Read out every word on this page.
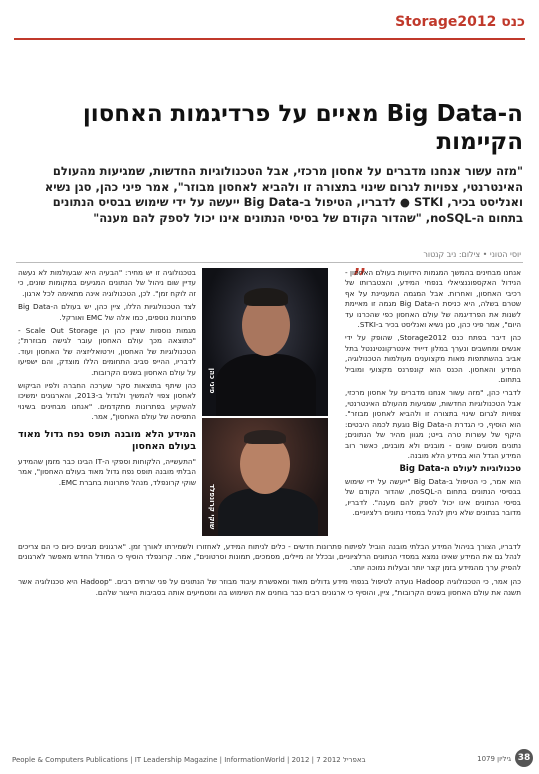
כנס Storage2012
ה-Big Data מאיים על פרדיגמות האחסון הקיימות
"מזה עשור אנחנו מדברים על אחסון מרכזי, אבל הטכנולוגיות החדשות, שמגיעות מהעולם האינטרנטי, צפויות לגרום שינוי בתצורה זו ולהביא לאחסון מבוזר", אמר פיני כהן, סגן נשיא ואנליסט בכיר, STKI ● לדבריו, הטיפול ב-Big Data ייעשה על ידי שימוש בבסיס הנתונים בתחום ה-noSQL, "שהדור הקודם של בסיסי הנתונים אינו יכול לספק להם מענה"
יוסי הטוני • צילום: ניב קנטור
”

אנחנו מבחינים בהמשך המגמות הידועות בעולם האחסון - הנידול האקספוננציאלי בנפחי המידע, והצטברותו של רכיבי האחסון, ואחרות. אבל המגמה המעניינת על אף שטרם בשלה, היא כניסת ה-Big Data מגמה זו מאיימת לשנות את הפרדיגמה של עולם האחסון כפי שהכרנו עד היום", אמר פיני כהן, סגן נשיא ואנליסט בכיר ב-STKI.

כהן דיבר בפתח כנס Storage2012, שהופק על ידי אנשים ומחשבים ונערך במלון דייויד אינטרקונטיננטל בתל אביב בהשתתפות מאות מקצוענים מעולמות הטכנולוגיה, המידע והאחסון. הכנס הוא קונפרנס מקצועי ומוביל בתחום.

לדברי כהן, "מזה עשור אנחנו מדברים על אחסון מרכזי, אבל הטכנולוגיות החדשות, שמגיעות מהעולם האינטרנטי, צפויות לגרום שינוי בתצורה זו ולהביא לאחסון מבוזר". הוא הוסיף, כי הגדרת ה-Big Data נוגעת לכמה היבטים: היקף של עשרות טרה בייט; מגוון מהיר של הנתונים; נתונים מסוגים שונים - מובנים ולא מובנים, כאשר רוב המידע הגדל הוא במידע הלא מובנה.

טכנולוגיות לעולם ה-Big Data

הוא אמר, כי הטיפול ב-Big Data "ייעשה על ידי שימוש בבסיסי הנתונים בתחום ה-noSQL, שהדור הקודם של בסיסי הנתונים אינו יכול לספק להם מענה". לדבריו, מדובר בנתונים שלא ניתן לנהל במסדי נתונים רלציוניים.

פיני כהן
שוקי קרונפלד

בטכנולוגיה זו יש מחיר: "הבעיה היא שבעולמות לא נעשה עדיין שום ניהול של הנתונים המגיעים במקומות שונים, כי זה לוקח זמן". לכן, הטכנולוגיה אינה מתאימה לכל ארגון.

לצד הטכנולוגיות הללו, ציין כהן, יש בעולם ה-Big Data פתרונות נוספים, כמו אלה של EMC ואורקל.

מגמות נוספות שציין כהן הן Scale Out Storage - "כתוצאה מכך עולם האחסון עובר לגישה מבוזרת"; הטכנולוגיות של האחסון, וירטואליזציה של האחסון ועוד. לדבריו, ההייפ סביב התחומים הללו מוצדק, והם ישפיעו על עולם האחסון בשנים הקרובות.

כהן שיתף בתוצאות סקר שערכה החברה ולפיו הביקוש לאחסון צפוי להמשיך ולגדול ב-2013, והארגונים ימשיכו להשקיע בפתרונות מתקדמים. "אנחנו מבחינים בשינוי התפיסה של עולם האחסון", אמר.

המידע הלא מובנה תופס נפח גדול מאוד בעולם האחסון

"התעשייה, הלקוחות וספקי ה-IT הבינו כבר מזמן שהמידע הבלתי מובנה תופס נפח גדול מאוד בעולם האחסון", אמר שוקי קרונפלד, מנהל פתרונות בחברת EMC.

לדבריו, הצורך בניהול המידע הבלתי מובנה הוביל לפיתוח פתרונות חדשים - כלים לניתוח המידע, לאחזורו ולשמירתו לאורך זמן. "ארגונים מבינים כיום כי הם צריכים לנהל גם את המידע שאינו נמצא במסדי הנתונים הרלציוניים, ובכלל זה מיילים, מסמכים, תמונות וסרטונים", אמר. קרונפלד הוסיף כי המודל החדש מאפשר לארגונים להפיק ערך מהמידע בזמן קצר יותר ובעלות נמוכה יותר.

כהן אמר, כי הטכנולוגיה Hadoop נועדה לטיפול בנפחי מידע גדולים מאוד ומאפשרת עיבוד מבוזר של הנתונים על פני שרתים רבים. "Hadoop היא טכנולוגיה אשר תשנה את עולם האחסון בשנים הקרובות", ציין, והוסיף כי ארגונים רבים כבר בוחנים את השימוש בה ומטמיעים אותה בסביבות הייצור שלהם.

People & Computers Publications | IT Leadership Magazine | InformationWorld | 2012 | 7 באפריל 2012	גיליון 1079 38
